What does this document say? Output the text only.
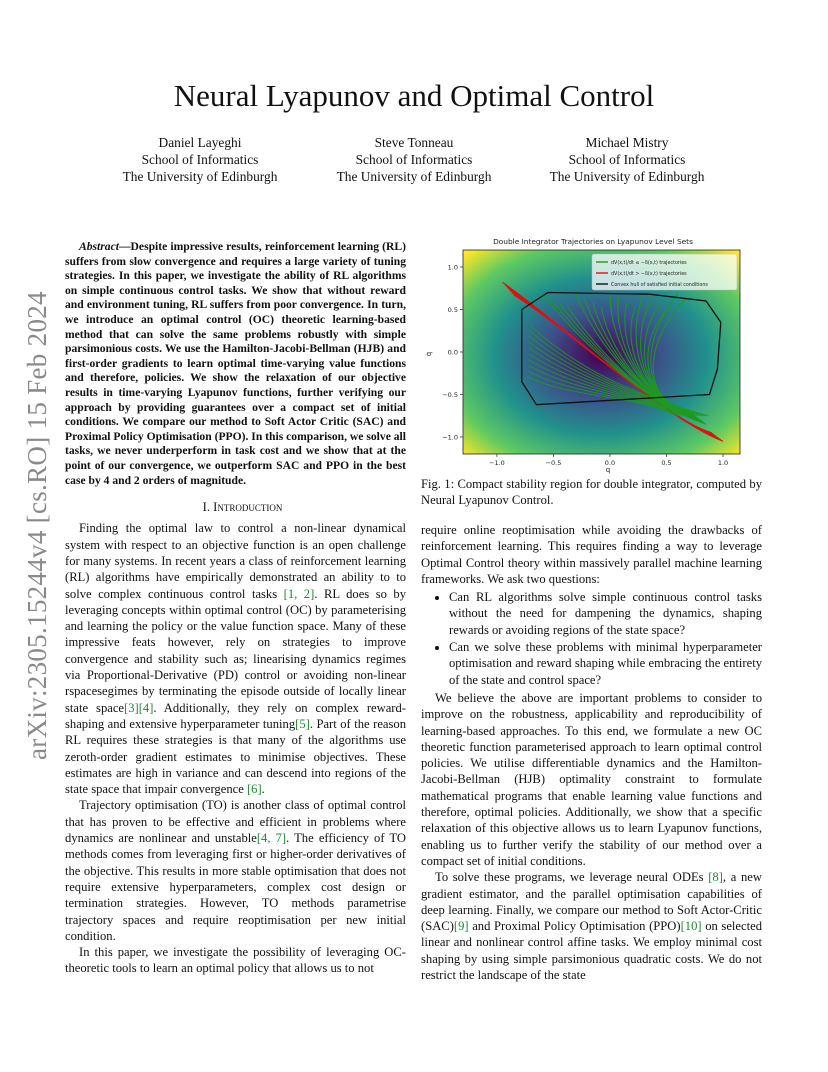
arXiv:2305.15244v4 [cs.RO] 15 Feb 2024
Neural Lyapunov and Optimal Control
Daniel Layeghi
School of Informatics
The University of Edinburgh
Steve Tonneau
School of Informatics
The University of Edinburgh
Michael Mistry
School of Informatics
The University of Edinburgh

Abstract—Despite impressive results, reinforcement learning (RL) suffers from slow convergence and requires a large variety of tuning strategies. In this paper, we investigate the ability of RL algorithms on simple continuous control tasks. We show that without reward and environment tuning, RL suffers from poor convergence. In turn, we introduce an optimal control (OC) theoretic learning-based method that can solve the same problems robustly with simple parsimonious costs. We use the Hamilton-Jacobi-Bellman (HJB) and first-order gradients to learn optimal time-varying value functions and therefore, policies. We show the relaxation of our objective results in time-varying Lyapunov functions, further verifying our approach by providing guarantees over a compact set of initial conditions. We compare our method to Soft Actor Critic (SAC) and Proximal Policy Optimisation (PPO). In this comparison, we solve all tasks, we never underperform in task cost and we show that at the point of our convergence, we outperform SAC and PPO in the best case by 4 and 2 orders of magnitude.

I. Introduction

Finding the optimal law to control a non-linear dynamical system with respect to an objective function is an open challenge for many systems. In recent years a class of reinforcement learning (RL) algorithms have empirically demonstrated an ability to to solve complex continuous control tasks [1, 2]. RL does so by leveraging concepts within optimal control (OC) by parameterising and learning the policy or the value function space. Many of these impressive feats however, rely on strategies to improve convergence and stability such as; linearising dynamics regimes via Proportional-Derivative (PD) control or avoiding non-linear rspacesegimes by terminating the episode outside of locally linear state space[3][4]. Additionally, they rely on complex reward-shaping and extensive hyperparameter tuning[5]. Part of the reason RL requires these strategies is that many of the algorithms use zeroth-order gradient estimates to minimise objectives. These estimates are high in variance and can descend into regions of the state space that impair convergence [6].

Trajectory optimisation (TO) is another class of optimal control that has proven to be effective and efficient in problems where dynamics are nonlinear and unstable[4, 7]. The efficiency of TO methods comes from leveraging first or higher-order derivatives of the objective. This results in more stable optimisation that does not require extensive hyperparameters, complex cost design or termination strategies. However, TO methods parametrise trajectory spaces and require reoptimisation per new initial condition.

In this paper, we investigate the possibility of leveraging OC-theoretic tools to learn an optimal policy that allows us to not

Double Integrator Trajectories on Lyapunov Level Sets
−1.0	−0.5	0.0	0.5	1.0
1.0
0.5
0.0
−0.5
−1.0
dV(x,t)/dt ≤ −δ(x,t) trajectories
dV(x,t)/dt > −δ(x,t) trajectories
Convex hull of satisfied initial conditions
q
q̇
Fig. 1: Compact stability region for double integrator, computed by Neural Lyapunov Control.

require online reoptimisation while avoiding the drawbacks of reinforcement learning. This requires finding a way to leverage Optimal Control theory within massively parallel machine learning frameworks. We ask two questions:

• Can RL algorithms solve simple continuous control tasks without the need for dampening the dynamics, shaping rewards or avoiding regions of the state space?
• Can we solve these problems with minimal hyperparameter optimisation and reward shaping while embracing the entirety of the state and control space?

We believe the above are important problems to consider to improve on the robustness, applicability and reproducibility of learning-based approaches. To this end, we formulate a new OC theoretic function parameterised approach to learn optimal control policies. We utilise differentiable dynamics and the Hamilton-Jacobi-Bellman (HJB) optimality constraint to formulate mathematical programs that enable learning value functions and therefore, optimal policies. Additionally, we show that a specific relaxation of this objective allows us to learn Lyapunov functions, enabling us to further verify the stability of our method over a compact set of initial conditions.

To solve these programs, we leverage neural ODEs [8], a new gradient estimator, and the parallel optimisation capabilities of deep learning. Finally, we compare our method to Soft Actor-Critic (SAC)[9] and Proximal Policy Optimisation (PPO)[10] on selected linear and nonlinear control affine tasks. We employ minimal cost shaping by using simple parsimonious quadratic costs. We do not restrict the landscape of the state
